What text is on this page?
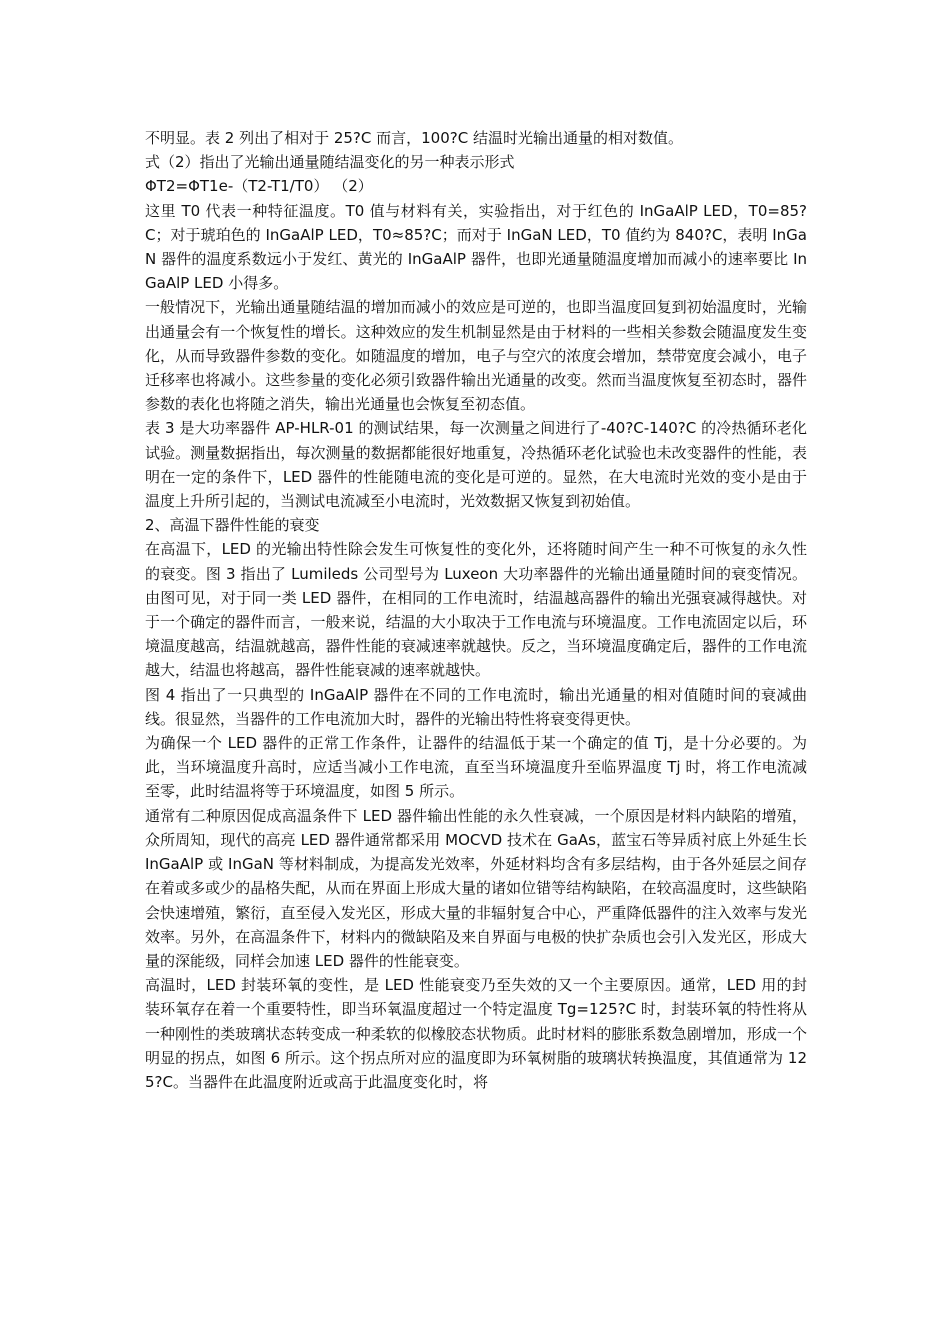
不明显。表 2 列出了相对于 25?C 而言，100?C 结温时光输出通量的相对数值。

式（2）指出了光输出通量随结温变化的另一种表示形式

ΦT2=ΦT1e-（T2-T1/T0） （2）

这里 T0 代表一种特征温度。T0 值与材料有关，实验指出，对于红色的 InGaAlP LED，T0=85?C；对于琥珀色的 InGaAlP LED，T0≈85?C；而对于 InGaN LED，T0 值约为 840?C，表明 InGaN 器件的温度系数远小于发红、黄光的 InGaAlP 器件，也即光通量随温度增加而减小的速率要比 InGaAlP LED 小得多。

一般情况下，光输出通量随结温的增加而减小的效应是可逆的，也即当温度回复到初始温度时，光输出通量会有一个恢复性的增长。这种效应的发生机制显然是由于材料的一些相关参数会随温度发生变化，从而导致器件参数的变化。如随温度的增加，电子与空穴的浓度会增加，禁带宽度会减小，电子迁移率也将减小。这些参量的变化必须引致器件输出光通量的改变。然而当温度恢复至初态时，器件参数的表化也将随之消失，输出光通量也会恢复至初态值。

表 3 是大功率器件 AP-HLR-01 的测试结果，每一次测量之间进行了-40?C-140?C 的冷热循环老化试验。测量数据指出，每次测量的数据都能很好地重复，冷热循环老化试验也未改变器件的性能，表明在一定的条件下，LED 器件的性能随电流的变化是可逆的。显然，在大电流时光效的变小是由于温度上升所引起的，当测试电流减至小电流时，光效数据又恢复到初始值。

2、高温下器件性能的衰变

在高温下，LED 的光输出特性除会发生可恢复性的变化外，还将随时间产生一种不可恢复的永久性的衰变。图 3 指出了 Lumileds 公司型号为 Luxeon 大功率器件的光输出通量随时间的衰变情况。由图可见，对于同一类 LED 器件，在相同的工作电流时，结温越高器件的输出光强衰减得越快。对于一个确定的器件而言，一般来说，结温的大小取决于工作电流与环境温度。工作电流固定以后，环境温度越高，结温就越高，器件性能的衰减速率就越快。反之，当环境温度确定后，器件的工作电流越大，结温也将越高，器件性能衰减的速率就越快。

图 4 指出了一只典型的 InGaAlP 器件在不同的工作电流时，输出光通量的相对值随时间的衰减曲线。很显然，当器件的工作电流加大时，器件的光输出特性将衰变得更快。

为确保一个 LED 器件的正常工作条件，让器件的结温低于某一个确定的值 Tj，是十分必要的。为此，当环境温度升高时，应适当减小工作电流，直至当环境温度升至临界温度 Tj 时，将工作电流减至零，此时结温将等于环境温度，如图 5 所示。

通常有二种原因促成高温条件下 LED 器件输出性能的永久性衰减，一个原因是材料内缺陷的增殖，众所周知，现代的高亮 LED 器件通常都采用 MOCVD 技术在 GaAs，蓝宝石等异质衬底上外延生长 InGaAlP 或 InGaN 等材料制成，为提高发光效率，外延材料均含有多层结构，由于各外延层之间存在着或多或少的晶格失配，从而在界面上形成大量的诸如位错等结构缺陷，在较高温度时，这些缺陷会快速增殖，繁衍，直至侵入发光区，形成大量的非辐射复合中心，严重降低器件的注入效率与发光效率。另外，在高温条件下，材料内的微缺陷及来自界面与电极的快扩杂质也会引入发光区，形成大量的深能级，同样会加速 LED 器件的性能衰变。

高温时，LED 封装环氧的变性，是 LED 性能衰变乃至失效的又一个主要原因。通常，LED 用的封装环氧存在着一个重要特性，即当环氧温度超过一个特定温度 Tg=125?C 时，封装环氧的特性将从一种刚性的类玻璃状态转变成一种柔软的似橡胶态状物质。此时材料的膨胀系数急剧增加，形成一个明显的拐点，如图 6 所示。这个拐点所对应的温度即为环氧树脂的玻璃状转换温度，其值通常为 125?C。当器件在此温度附近或高于此温度变化时，将
